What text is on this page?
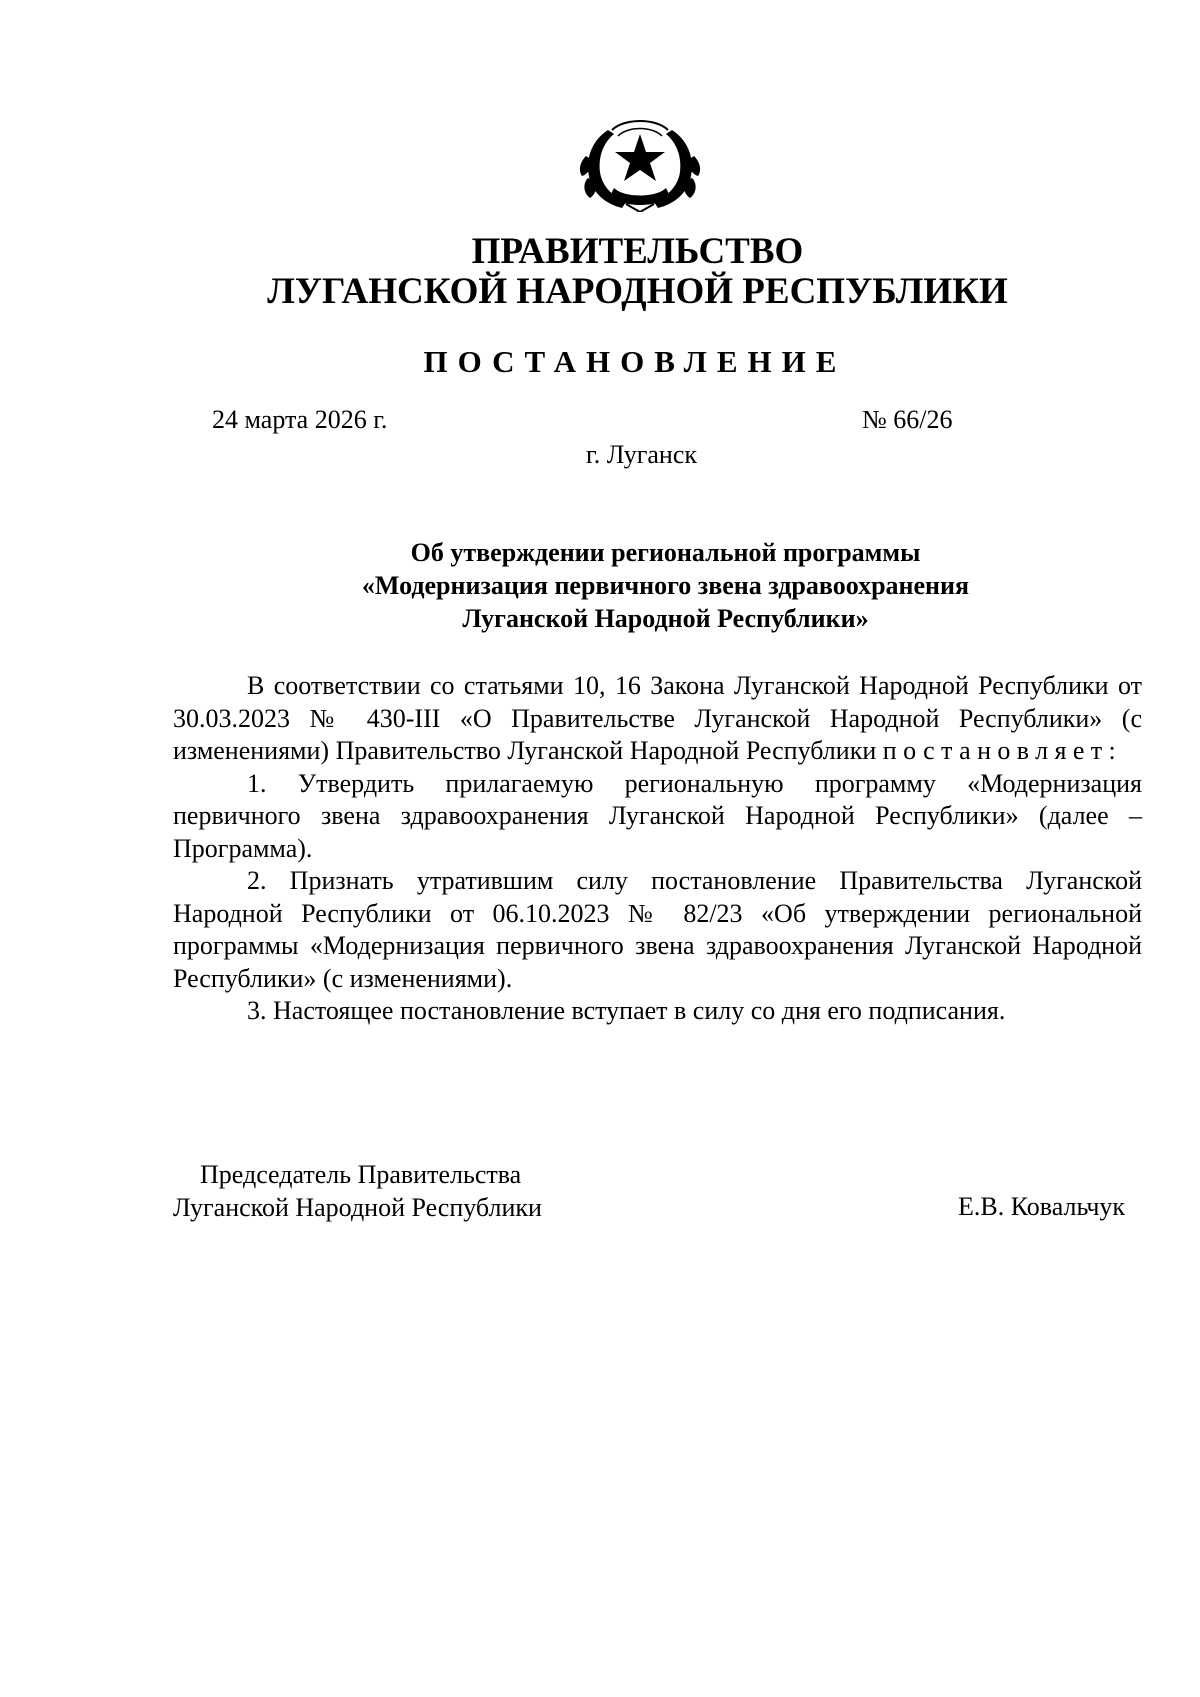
ПРАВИТЕЛЬСТВО
ЛУГАНСКОЙ НАРОДНОЙ РЕСПУБЛИКИ
ПОСТАНОВЛЕНИЕ
24 марта 2026 г.	№ 66/26
г. Луганск
Об утверждении региональной программы
«Модернизация первичного звена здравоохранения
Луганской Народной Республики»

В соответствии со статьями 10, 16 Закона Луганской Народной Республики от 30.03.2023 № 430-III «О Правительстве Луганской Народной Республики» (с изменениями) Правительство Луганской Народной Республики постановляет:

1. Утвердить прилагаемую региональную программу «Модернизация первичного звена здравоохранения Луганской Народной Республики» (далее – Программа).

2. Признать утратившим силу постановление Правительства Луганской Народной Республики от 06.10.2023 № 82/23 «Об утверждении региональной программы «Модернизация первичного звена здравоохранения Луганской Народной Республики» (с изменениями).

3. Настоящее постановление вступает в силу со дня его подписания.

Председатель Правительства
Луганской Народной Республики	Е.В. Ковальчук
